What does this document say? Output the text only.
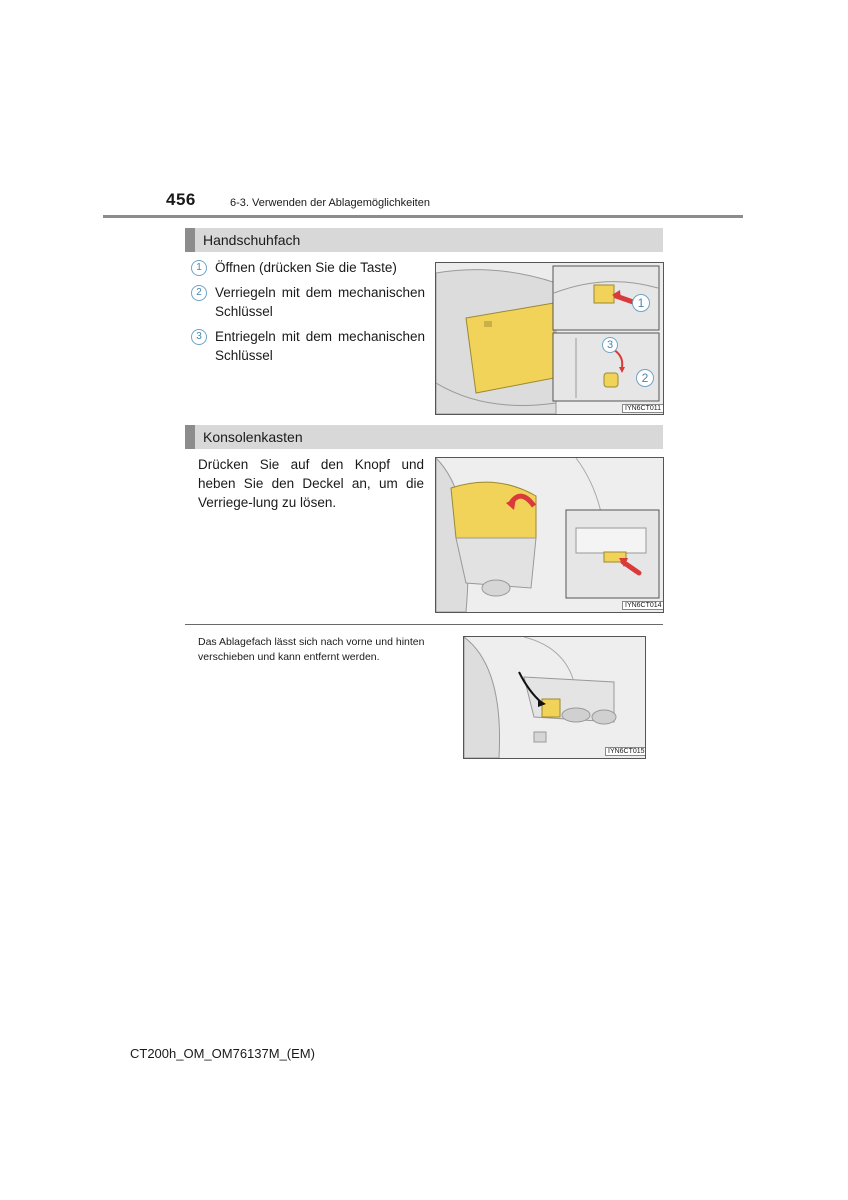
456	6-3. Verwenden der Ablagemöglichkeiten
Handschuhfach
1 Öffnen (drücken Sie die Taste)
2 Verriegeln mit dem mechanischen Schlüssel
3 Entriegeln mit dem mechanischen Schlüssel
1
3
2
IYN6CT011
Konsolenkasten
Drücken Sie auf den Knopf und heben Sie den Deckel an, um die Verriege-lung zu lösen.
IYN6CT014
Das Ablagefach lässt sich nach vorne und hinten verschieben und kann entfernt werden.
IYN6CT015
CT200h_OM_OM76137M_(EM)
